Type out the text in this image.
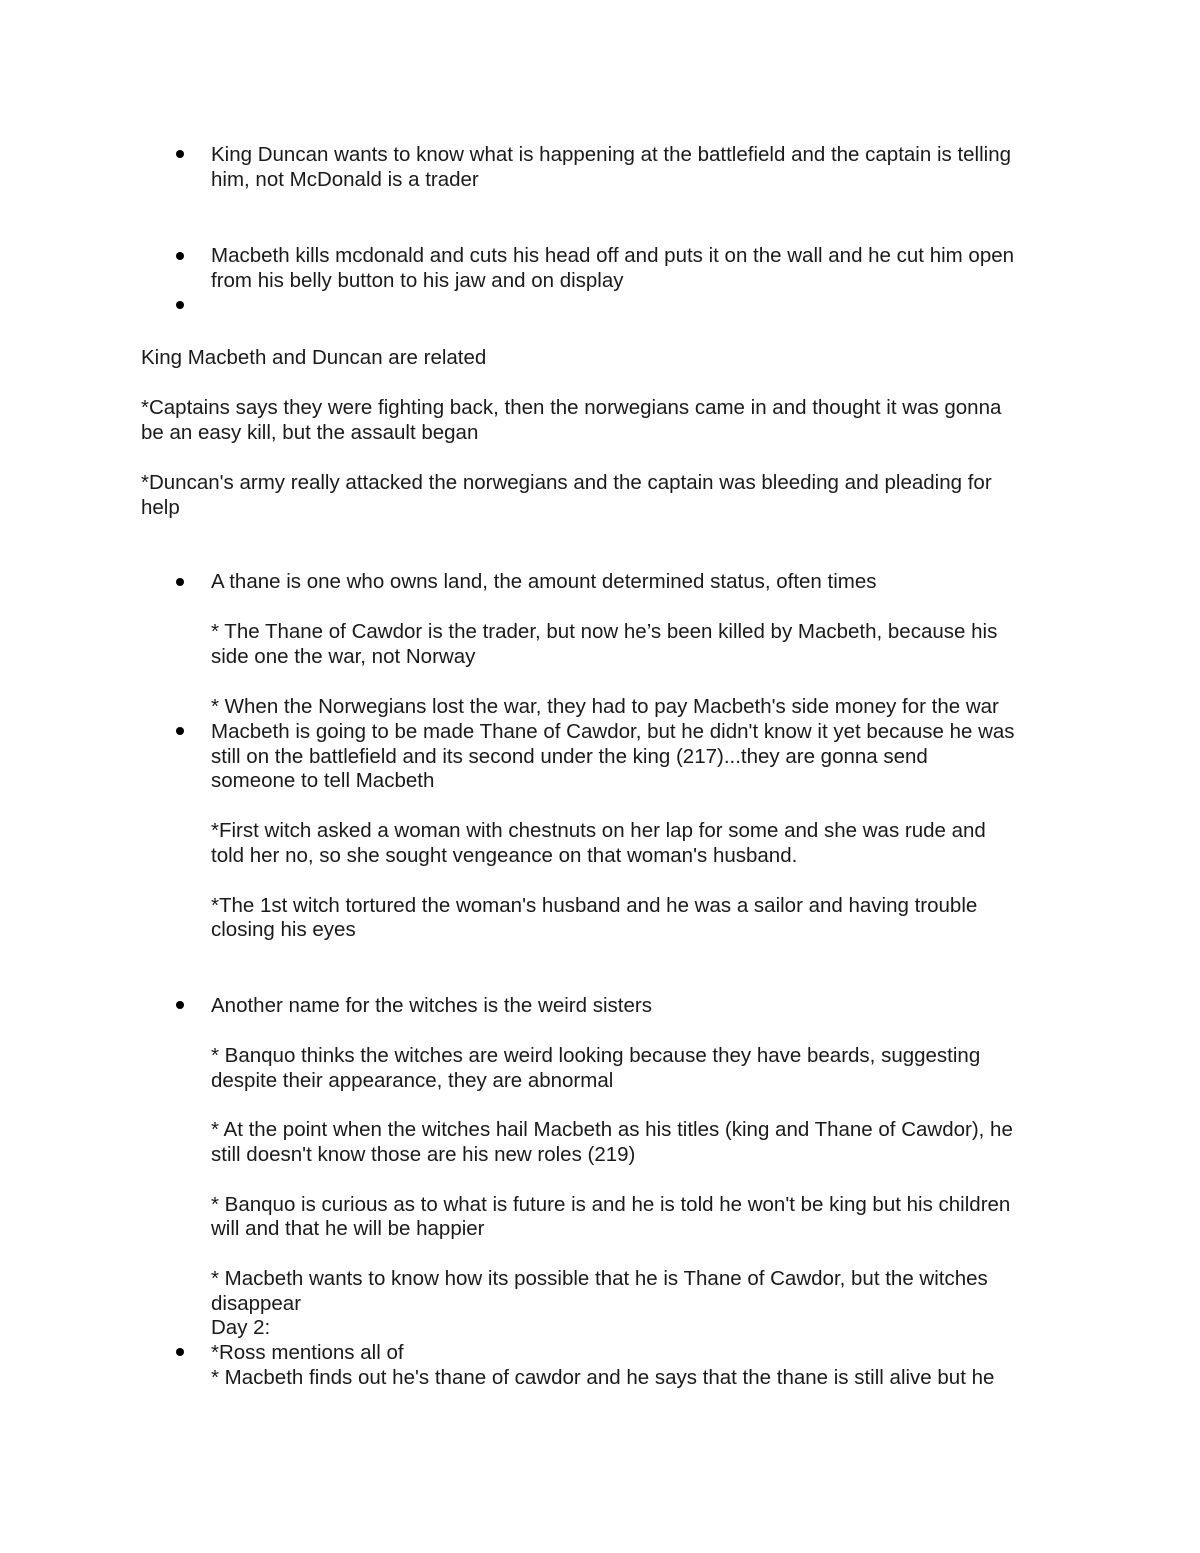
King Duncan wants to know what is happening at the battlefield and the captain is telling
him, not McDonald is a trader
Macbeth kills mcdonald and cuts his head off and puts it on the wall and he cut him open
from his belly button to his jaw and on display
King Macbeth and Duncan are related
*Captains says they were fighting back, then the norwegians came in and thought it was gonna
be an easy kill, but the assault began
*Duncan's army really attacked the norwegians and the captain was bleeding and pleading for
help
A thane is one who owns land, the amount determined status, often times
* The Thane of Cawdor is the trader, but now he’s been killed by Macbeth, because his
side one the war, not Norway
* When the Norwegians lost the war, they had to pay Macbeth's side money for the war
Macbeth is going to be made Thane of Cawdor, but he didn't know it yet because he was
still on the battlefield and its second under the king (217)...they are gonna send
someone to tell Macbeth
*First witch asked a woman with chestnuts on her lap for some and she was rude and
told her no, so she sought vengeance on that woman's husband.
*The 1st witch tortured the woman's husband and he was a sailor and having trouble
closing his eyes
Another name for the witches is the weird sisters
* Banquo thinks the witches are weird looking because they have beards, suggesting
despite their appearance, they are abnormal
* At the point when the witches hail Macbeth as his titles (king and Thane of Cawdor), he
still doesn't know those are his new roles (219)
* Banquo is curious as to what is future is and he is told he won't be king but his children
will and that he will be happier
* Macbeth wants to know how its possible that he is Thane of Cawdor, but the witches
disappear
Day 2:
*Ross mentions all of
* Macbeth finds out he's thane of cawdor and he says that the thane is still alive but he
